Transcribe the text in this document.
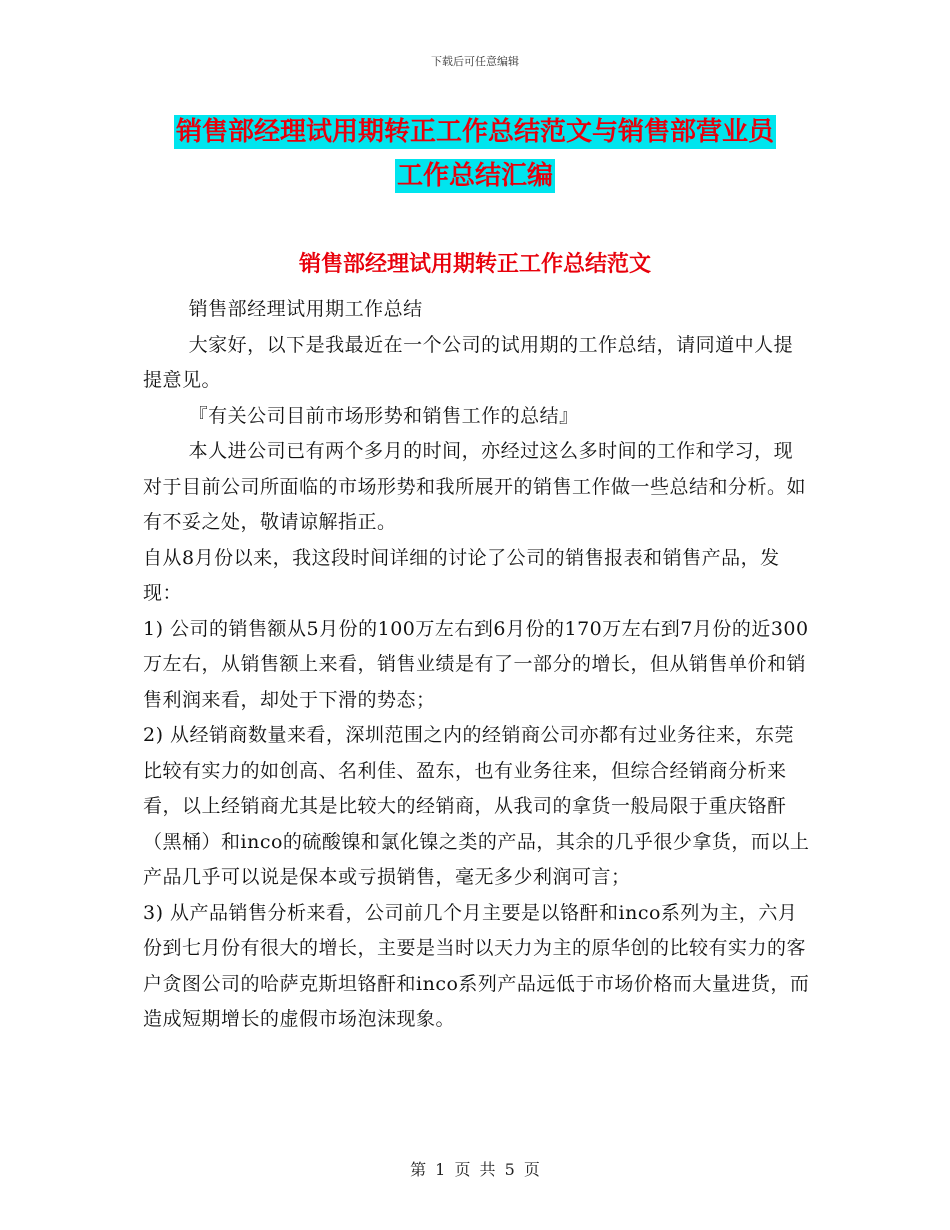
下载后可任意编辑
销售部经理试用期转正工作总结范文与销售部营业员
工作总结汇编
销售部经理试用期转正工作总结范文

销售部经理试用期工作总结

大家好，以下是我最近在一个公司的试用期的工作总结，请同道中人提提意见。

『有关公司目前市场形势和销售工作的总结』

本人进公司已有两个多月的时间，亦经过这么多时间的工作和学习，现对于目前公司所面临的市场形势和我所展开的销售工作做一些总结和分析。如有不妥之处，敬请谅解指正。

自从8月份以来，我这段时间详细的讨论了公司的销售报表和销售产品，发现：

1) 公司的销售额从5月份的100万左右到6月份的170万左右到7月份的近300万左右，从销售额上来看，销售业绩是有了一部分的增长，但从销售单价和销售利润来看，却处于下滑的势态；

2) 从经销商数量来看，深圳范围之内的经销商公司亦都有过业务往来，东莞比较有实力的如创高、名利佳、盈东，也有业务往来，但综合经销商分析来看，以上经销商尤其是比较大的经销商，从我司的拿货一般局限于重庆铬酐（黑桶）和inco的硫酸镍和氯化镍之类的产品，其余的几乎很少拿货，而以上产品几乎可以说是保本或亏损销售，毫无多少利润可言；

3) 从产品销售分析来看，公司前几个月主要是以铬酐和inco系列为主，六月份到七月份有很大的增长，主要是当时以天力为主的原华创的比较有实力的客户贪图公司的哈萨克斯坦铬酐和inco系列产品远低于市场价格而大量进货，而造成短期增长的虚假市场泡沫现象。

第 1 页 共 5 页
